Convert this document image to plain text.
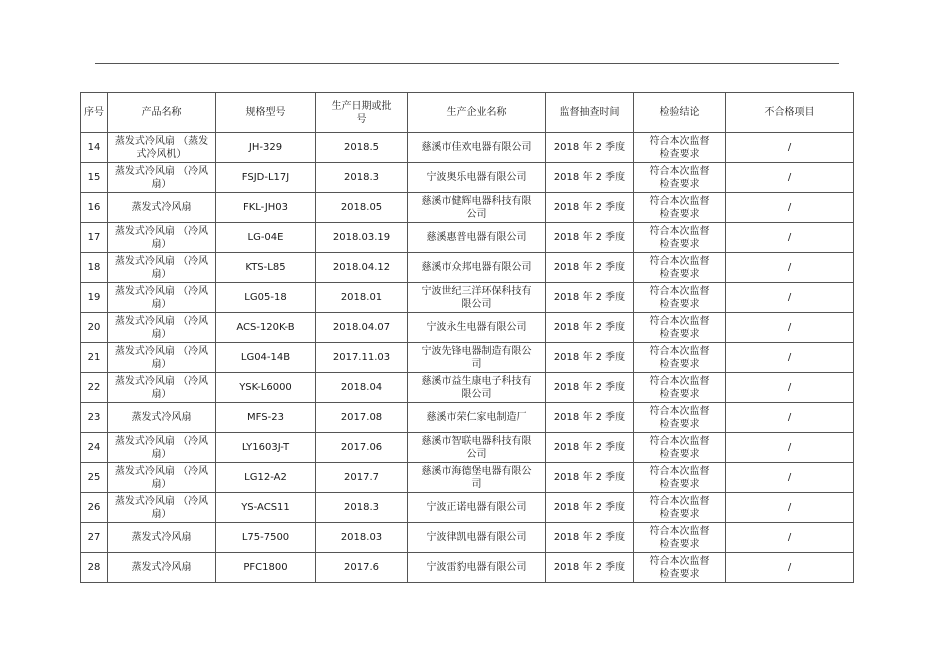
序号	产品名称	规格型号	生产日期或批号	生产企业名称	监督抽查时间	检验结论	不合格项目
14	蒸发式冷风扇 （蒸发式冷风机）	JH-329	2018.5	慈溪市佳欢电器有限公司	2018 年 2 季度	符合本次监督检查要求	/
15	蒸发式冷风扇 （冷风扇）	FSJD-L17J	2018.3	宁波奥乐电器有限公司	2018 年 2 季度	符合本次监督检查要求	/
16	蒸发式冷风扇	FKL-JH03	2018.05	慈溪市健辉电器科技有限公司	2018 年 2 季度	符合本次监督检查要求	/
17	蒸发式冷风扇 （冷风扇）	LG-04E	2018.03.19	慈溪惠普电器有限公司	2018 年 2 季度	符合本次监督检查要求	/
18	蒸发式冷风扇 （冷风扇）	KTS-L85	2018.04.12	慈溪市众邦电器有限公司	2018 年 2 季度	符合本次监督检查要求	/
19	蒸发式冷风扇 （冷风扇）	LG05-18	2018.01	宁波世纪三洋环保科技有限公司	2018 年 2 季度	符合本次监督检查要求	/
20	蒸发式冷风扇 （冷风扇）	ACS-120K-B	2018.04.07	宁波永生电器有限公司	2018 年 2 季度	符合本次监督检查要求	/
21	蒸发式冷风扇 （冷风扇）	LG04-14B	2017.11.03	宁波先锋电器制造有限公司	2018 年 2 季度	符合本次监督检查要求	/
22	蒸发式冷风扇 （冷风扇）	YSK-L6000	2018.04	慈溪市益生康电子科技有限公司	2018 年 2 季度	符合本次监督检查要求	/
23	蒸发式冷风扇	MFS-23	2017.08	慈溪市荣仁家电制造厂	2018 年 2 季度	符合本次监督检查要求	/
24	蒸发式冷风扇 （冷风扇）	LY1603J-T	2017.06	慈溪市智联电器科技有限公司	2018 年 2 季度	符合本次监督检查要求	/
25	蒸发式冷风扇 （冷风扇）	LG12-A2	2017.7	慈溪市海德堡电器有限公司	2018 年 2 季度	符合本次监督检查要求	/
26	蒸发式冷风扇 （冷风扇）	YS-ACS11	2018.3	宁波正诺电器有限公司	2018 年 2 季度	符合本次监督检查要求	/
27	蒸发式冷风扇	L75-7500	2018.03	宁波律凯电器有限公司	2018 年 2 季度	符合本次监督检查要求	/
28	蒸发式冷风扇	PFC1800	2017.6	宁波雷豹电器有限公司	2018 年 2 季度	符合本次监督检查要求	/
